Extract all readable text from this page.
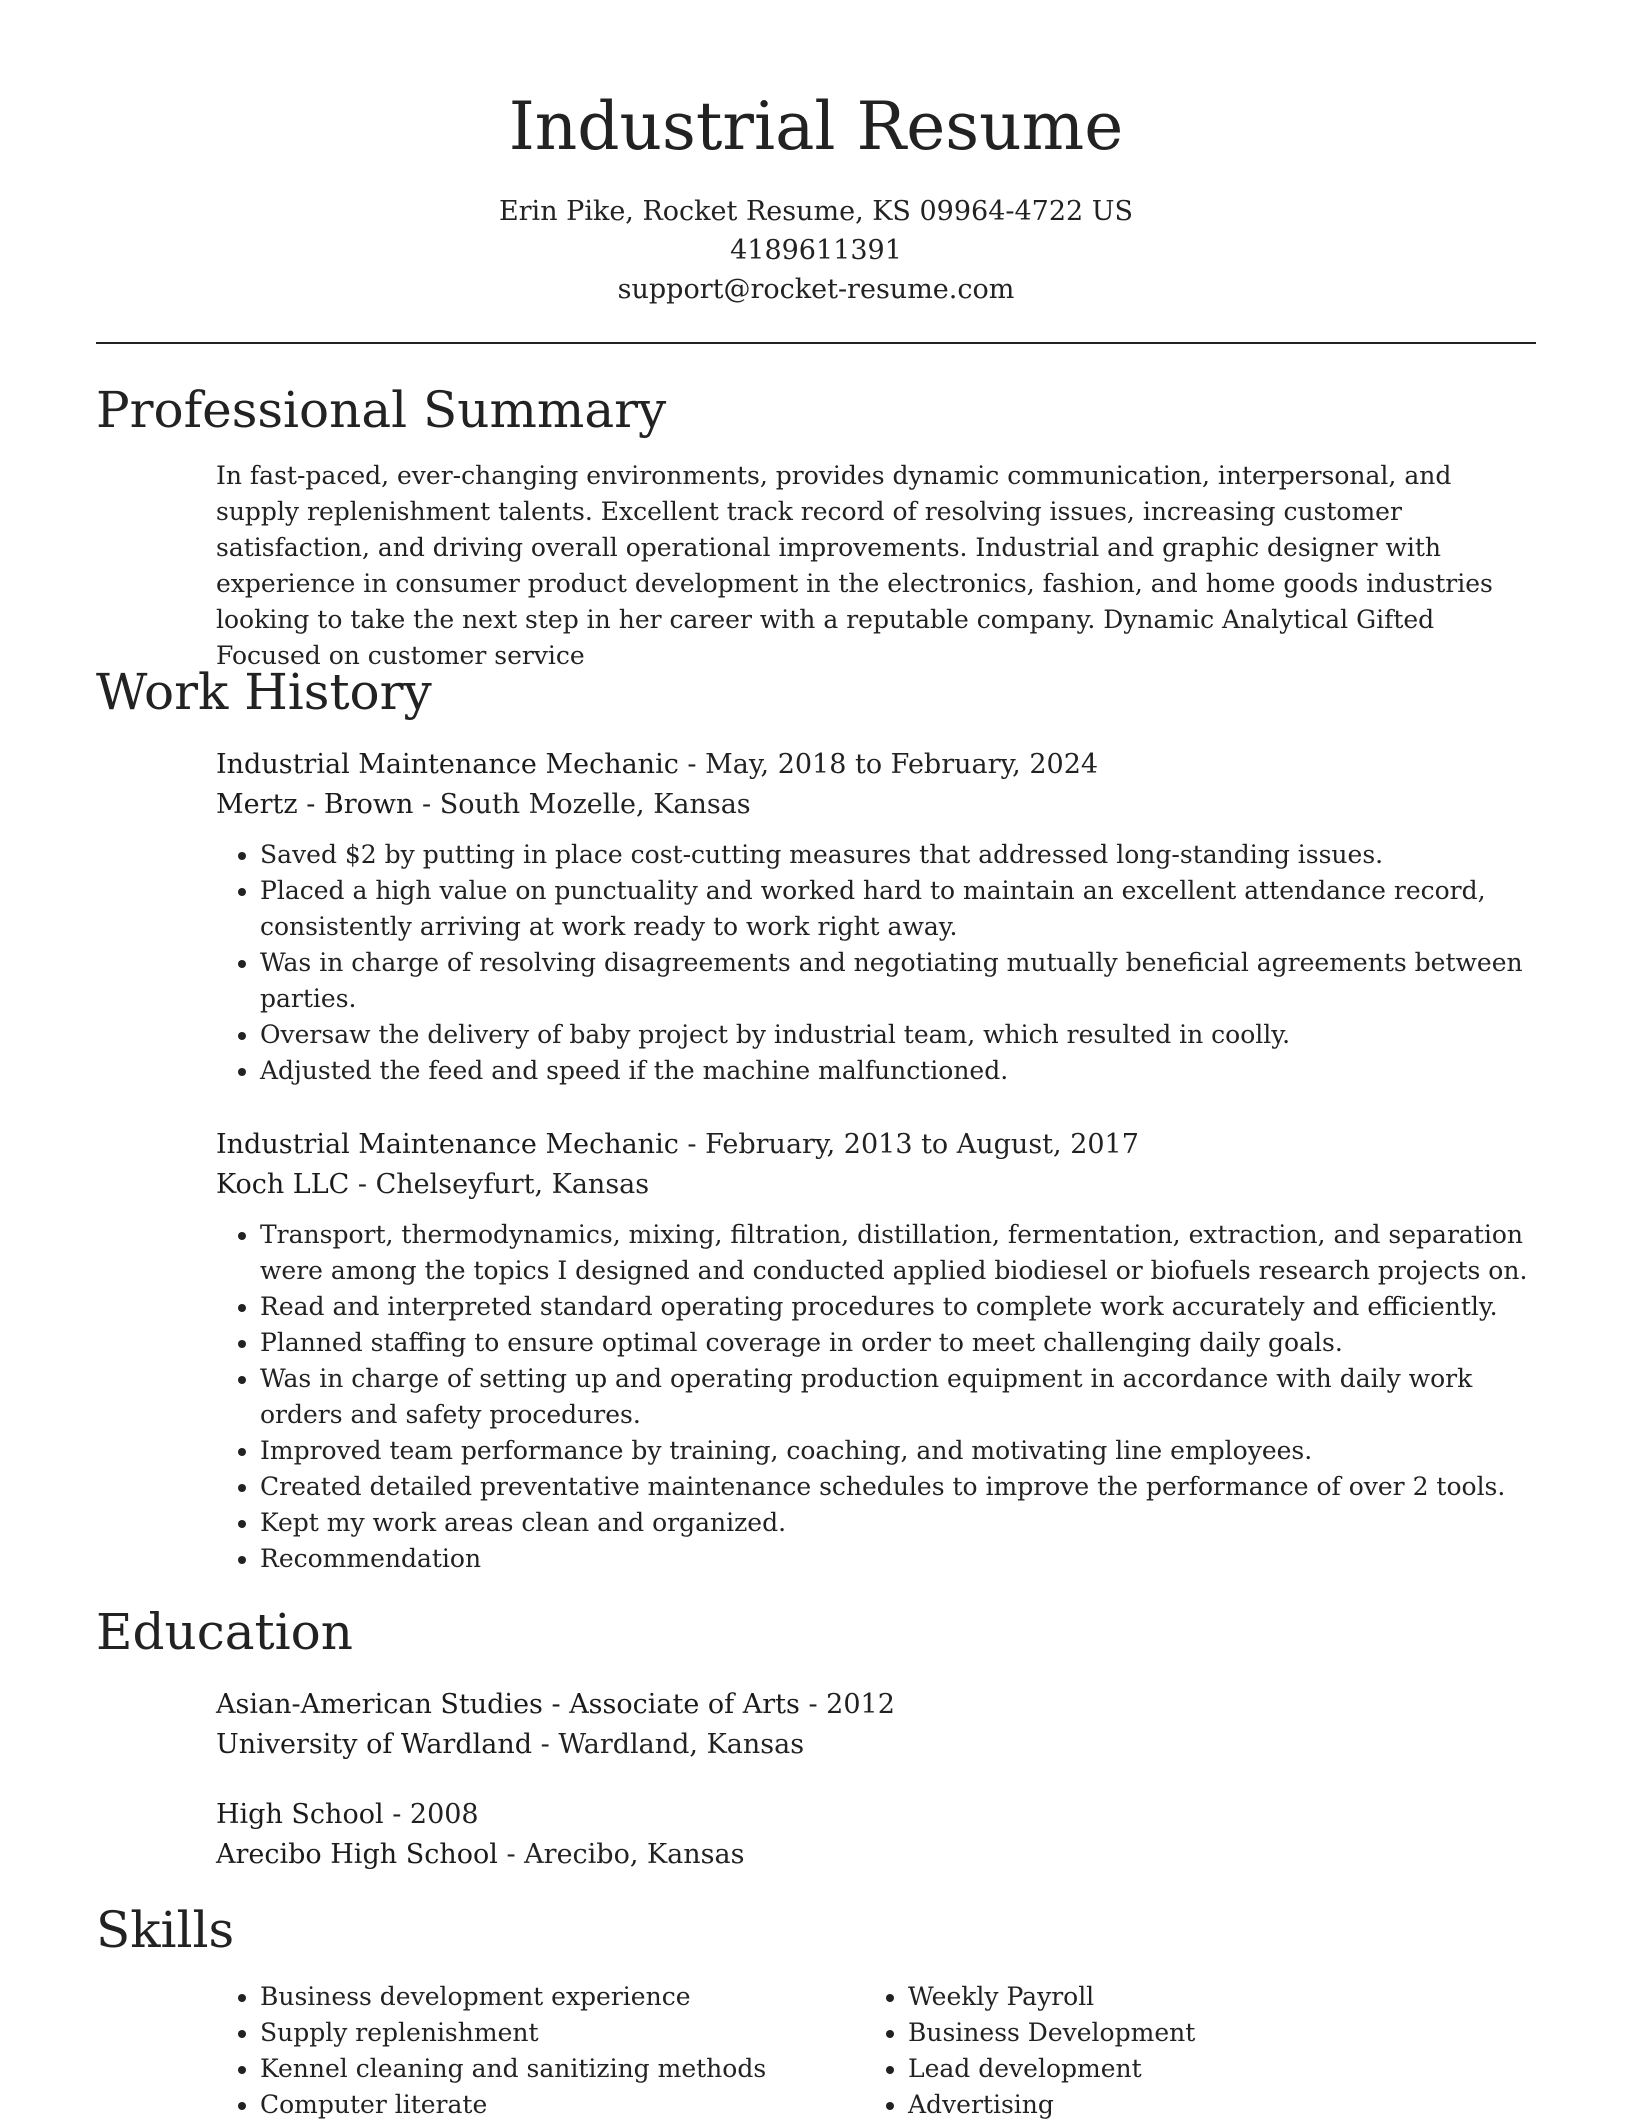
Industrial Resume
Erin Pike, Rocket Resume, KS 09964-4722 US
4189611391
support@rocket-resume.com
Professional Summary

In fast-paced, ever-changing environments, provides dynamic communication, interpersonal, and supply replenishment talents. Excellent track record of resolving issues, increasing customer satisfaction, and driving overall operational improvements. Industrial and graphic designer with experience in consumer product development in the electronics, fashion, and home goods industries looking to take the next step in her career with a reputable company. Dynamic Analytical Gifted Focused on customer service

Work History
Industrial Maintenance Mechanic - May, 2018 to February, 2024
Mertz - Brown - South Mozelle, Kansas
• Saved $2 by putting in place cost-cutting measures that addressed long-standing issues.
• Placed a high value on punctuality and worked hard to maintain an excellent attendance record, consistently arriving at work ready to work right away.
• Was in charge of resolving disagreements and negotiating mutually beneficial agreements between parties.
• Oversaw the delivery of baby project by industrial team, which resulted in coolly.
• Adjusted the feed and speed if the machine malfunctioned.
Industrial Maintenance Mechanic - February, 2013 to August, 2017
Koch LLC - Chelseyfurt, Kansas
• Transport, thermodynamics, mixing, filtration, distillation, fermentation, extraction, and separation were among the topics I designed and conducted applied biodiesel or biofuels research projects on.
• Read and interpreted standard operating procedures to complete work accurately and efficiently.
• Planned staffing to ensure optimal coverage in order to meet challenging daily goals.
• Was in charge of setting up and operating production equipment in accordance with daily work orders and safety procedures.
• Improved team performance by training, coaching, and motivating line employees.
• Created detailed preventative maintenance schedules to improve the performance of over 2 tools.
• Kept my work areas clean and organized.
• Recommendation
Education
Asian-American Studies - Associate of Arts - 2012
University of Wardland - Wardland, Kansas
High School - 2008
Arecibo High School - Arecibo, Kansas
Skills
• Business development experience
• Supply replenishment
• Kennel cleaning and sanitizing methods
• Computer literate
• Weekly Payroll
• Business Development
• Lead development
• Advertising
